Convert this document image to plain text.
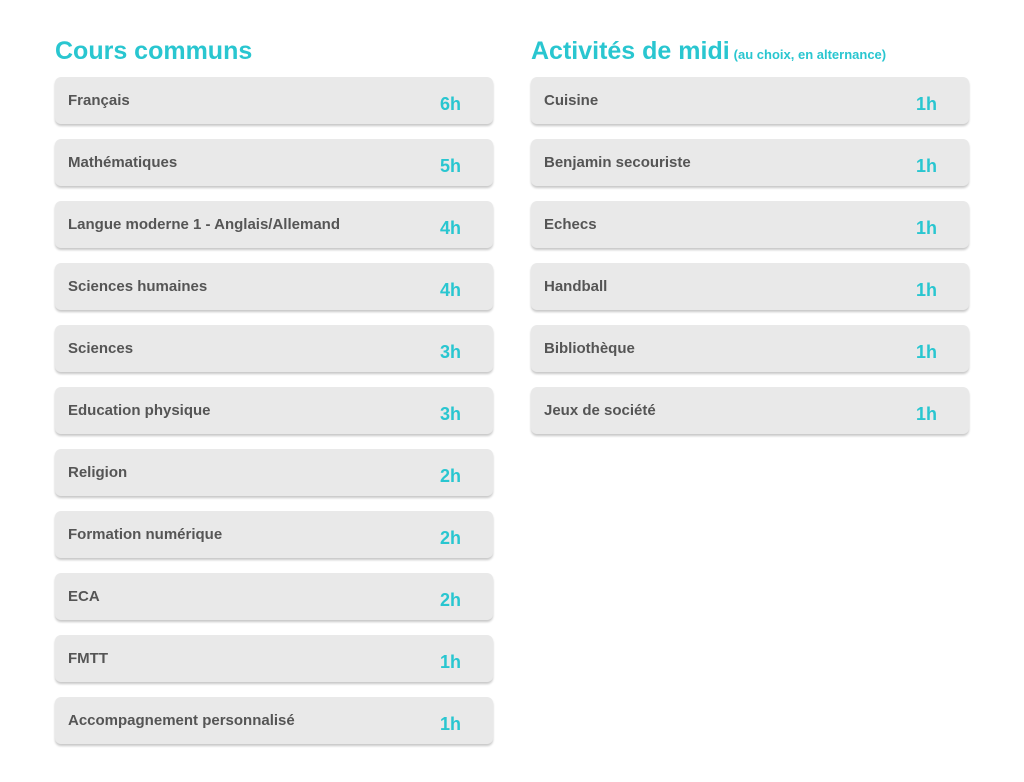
Cours communs
Français	6h
Mathématiques	5h
Langue moderne 1 - Anglais/Allemand	4h
Sciences humaines	4h
Sciences	3h
Education physique	3h
Religion	2h
Formation numérique	2h
ECA	2h
FMTT	1h
Accompagnement personnalisé	1h
Activités de midi (au choix, en alternance)
Cuisine	1h
Benjamin secouriste	1h
Echecs	1h
Handball	1h
Bibliothèque	1h
Jeux de société	1h
